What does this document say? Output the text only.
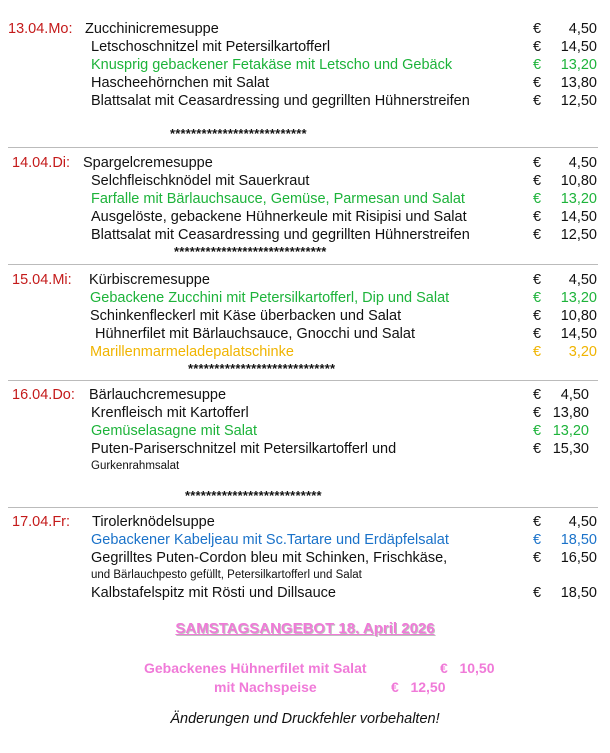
13.04.Mo: Zucchinicremesuppe
Letschoschnitzel mit Petersilkartofferl
Knusprig gebackener Fetakäse mit Letscho und Gebäck
Hascheehörnchen mit Salat
Blattsalat mit Ceasardressing und gegrillten Hühnerstreifen
€
€
€
€
€
4,50
14,50
13,20
13,80
12,50
**************************
14.04.Di: Spargelcremesuppe
Selchfleischknödel mit Sauerkraut
Farfalle mit Bärlauchsauce, Gemüse, Parmesan und Salat
Ausgelöste, gebackene Hühnerkeule mit Risipisi und Salat
Blattsalat mit Ceasardressing und gegrillten Hühnerstreifen
€
€
€
€
€
4,50
10,80
13,20
14,50
12,50
*****************************
15.04.Mi: Kürbiscremesuppe
Gebackene Zucchini mit Petersilkartofferl, Dip und Salat
Schinkenfleckerl mit Käse überbacken und Salat
Hühnerfilet mit Bärlauchsauce, Gnocchi und Salat
Marillenmarmeladepalatschinke
€
€
€
€
€
4,50
13,20
10,80
14,50
3,20
****************************
16.04.Do: Bärlauchcremesuppe
Krenfleisch mit Kartofferl
Gemüselasagne mit Salat
Puten-Pariserschnitzel mit Petersilkartofferl und
Gurkenrahmsalat
€
€
€
€
4,50
13,80
13,20
15,30
**************************
17.04.Fr: Tirolerknödelsuppe
Gebackener Kabeljeau mit Sc.Tartare und Erdäpfelsalat
Gegrilltes Puten-Cordon bleu mit Schinken, Frischkäse,
und Bärlauchpesto gefüllt, Petersilkartofferl und Salat
Kalbstafelspitz mit Rösti und Dillsauce
€
€
€
€
4,50
18,50
16,50
18,50
SAMSTAGSANGEBOT 18. April 2026
Gebackenes Hühnerfilet mit Salat	€   10,50
mit Nachspeise	€   12,50
Änderungen und Druckfehler vorbehalten!
